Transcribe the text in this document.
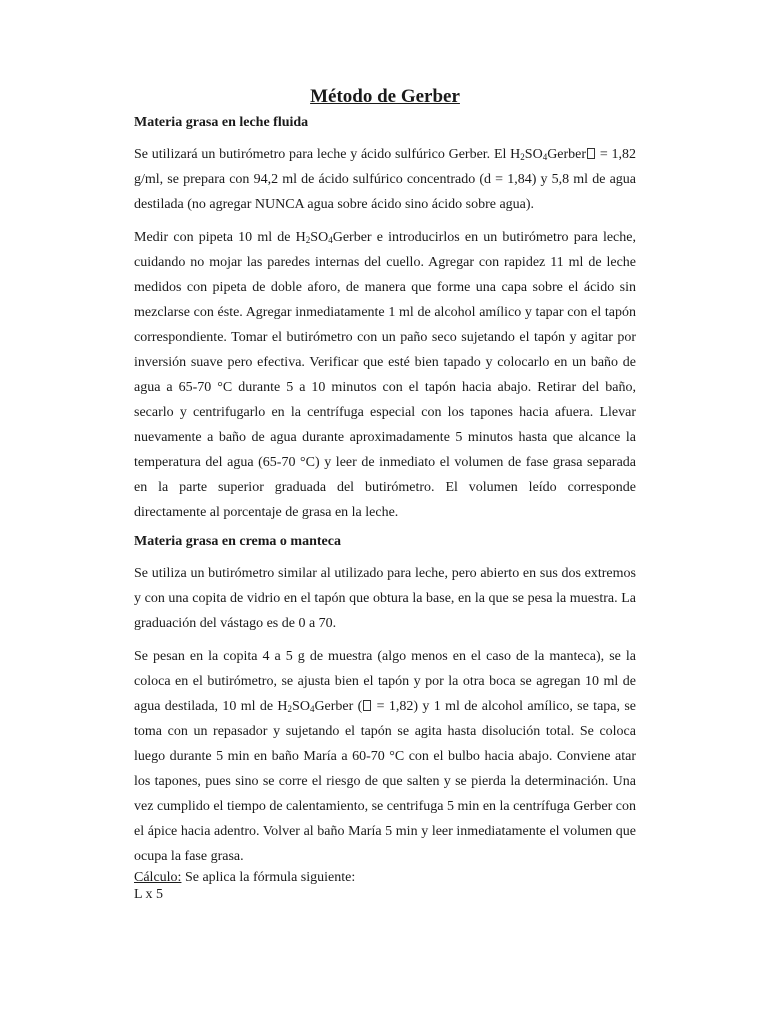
Método de Gerber
Materia grasa en leche fluida

Se utilizará un butirómetro para leche y ácido sulfúrico Gerber. El $H_2SO_4Gerber = 1,82$ g/ml, se prepara con 94,2 ml de ácido sulfúrico concentrado (d = 1,84) y 5,8 ml de agua destilada (no agregar NUNCA agua sobre ácido sino ácido sobre agua).

Medir con pipeta 10 ml de $H_2SO_4Gerber$ e introducirlos en un butirómetro para leche, cuidando no mojar las paredes internas del cuello. Agregar con rapidez 11 ml de leche medidos con pipeta de doble aforo, de manera que forme una capa sobre el ácido sin mezclarse con éste. Agregar inmediatamente 1 ml de alcohol amílico y tapar con el tapón correspondiente. Tomar el butirómetro con un paño seco sujetando el tapón y agitar por inversión suave pero efectiva. Verificar que esté bien tapado y colocarlo en un baño de agua a 65-70 °C durante 5 a 10 minutos con el tapón hacia abajo. Retirar del baño, secarlo y centrifugarlo en la centrífuga especial con los tapones hacia afuera. Llevar nuevamente a baño de agua durante aproximadamente 5 minutos hasta que alcance la temperatura del agua (65-70 °C) y leer de inmediato el volumen de fase grasa separada en la parte superior graduada del butirómetro. El volumen leído corresponde directamente al porcentaje de grasa en la leche.

Materia grasa en crema o manteca

Se utiliza un butirómetro similar al utilizado para leche, pero abierto en sus dos extremos y con una copita de vidrio en el tapón que obtura la base, en la que se pesa la muestra. La graduación del vástago es de 0 a 70.

Se pesan en la copita 4 a 5 g de muestra (algo menos en el caso de la manteca), se la coloca en el butirómetro, se ajusta bien el tapón y por la otra boca se agregan 10 ml de agua destilada, 10 ml de $H_2SO_4Gerber$ ( = 1,82) y 1 ml de alcohol amílico, se tapa, se toma con un repasador y sujetando el tapón se agita hasta disolución total. Se coloca luego durante 5 min en baño María a 60-70 °C con el bulbo hacia abajo. Conviene atar los tapones, pues sino se corre el riesgo de que salten y se pierda la determinación. Una vez cumplido el tiempo de calentamiento, se centrifuga 5 min en la centrífuga Gerber con el ápice hacia adentro. Volver al baño María 5 min y leer inmediatamente el volumen que ocupa la fase grasa.

Cálculo: Se aplica la fórmula siguiente:
L x 5
